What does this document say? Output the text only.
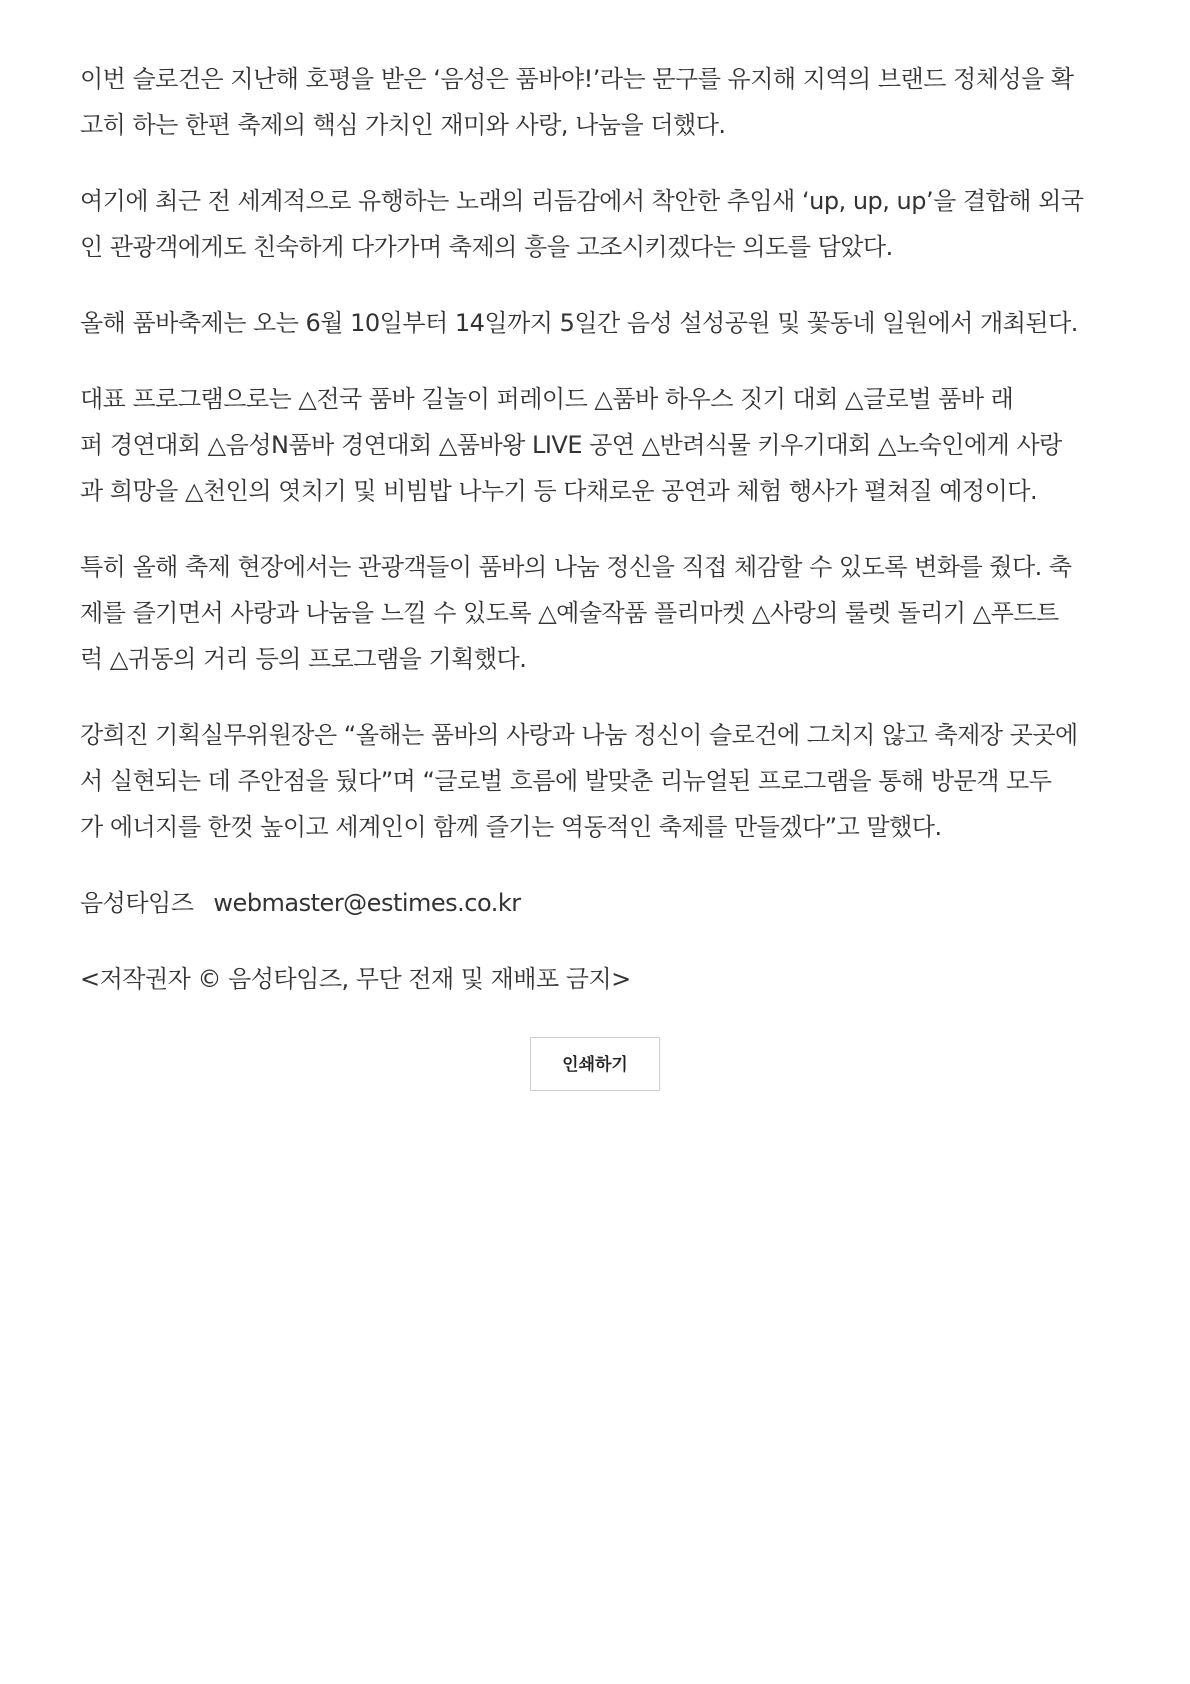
이번 슬로건은 지난해 호평을 받은 ‘음성은 품바야!’라는 문구를 유지해 지역의 브랜드 정체성을 확
고히 하는 한편 축제의 핵심 가치인 재미와 사랑, 나눔을 더했다.
여기에 최근 전 세계적으로 유행하는 노래의 리듬감에서 착안한 추임새 ‘up, up, up’을 결합해 외국
인 관광객에게도 친숙하게 다가가며 축제의 흥을 고조시키겠다는 의도를 담았다.
올해 품바축제는 오는 6월 10일부터 14일까지 5일간 음성 설성공원 및 꽃동네 일원에서 개최된다.
대표 프로그램으로는 △전국 품바 길놀이 퍼레이드 △품바 하우스 짓기 대회 △글로벌 품바 래
퍼 경연대회 △음성N품바 경연대회 △품바왕 LIVE 공연 △반려식물 키우기대회 △노숙인에게 사랑
과 희망을 △천인의 엿치기 및 비빔밥 나누기 등 다채로운 공연과 체험 행사가 펼쳐질 예정이다.
특히 올해 축제 현장에서는 관광객들이 품바의 나눔 정신을 직접 체감할 수 있도록 변화를 줬다. 축
제를 즐기면서 사랑과 나눔을 느낄 수 있도록 △예술작품 플리마켓 △사랑의 룰렛 돌리기 △푸드트
럭 △귀동의 거리 등의 프로그램을 기획했다.
강희진 기획실무위원장은 “올해는 품바의 사랑과 나눔 정신이 슬로건에 그치지 않고 축제장 곳곳에
서 실현되는 데 주안점을 뒀다”며 “글로벌 흐름에 발맞춘 리뉴얼된 프로그램을 통해 방문객 모두
가 에너지를 한껏 높이고 세계인이 함께 즐기는 역동적인 축제를 만들겠다”고 말했다.
음성타임즈 webmaster@estimes.co.kr
<저작권자 © 음성타임즈, 무단 전재 및 재배포 금지>
인쇄하기
